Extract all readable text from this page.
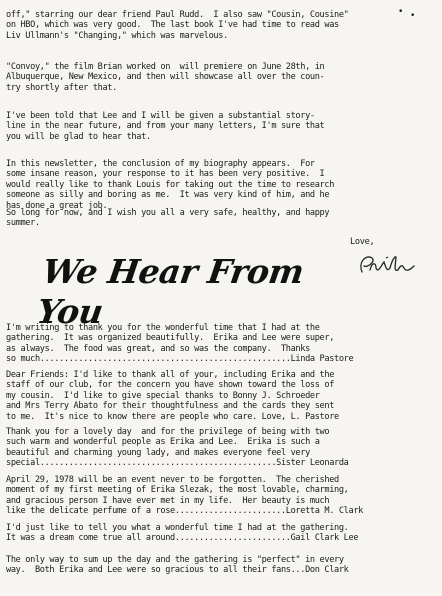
• •

off," starring our dear friend Paul Rudd.  I also saw "Cousin, Cousine"
on HBO, which was very good.  The last book I've had time to read was
Liv Ullmann's "Changing," which was marvelous.

"Convoy," the film Brian worked on  will premiere on June 28th, in
Albuquerque, New Mexico, and then will showcase all over the coun-
try shortly after that.

I've been told that Lee and I will be given a substantial story-
line in the near future, and from your many letters, I'm sure that
you will be glad to hear that.

In this newsletter, the conclusion of my biography appears.  For
some insane reason, your response to it has been very positive.  I
would really like to thank Louis for taking out the time to research
someone as silly and boring as me.  It was very kind of him, and he
has done a great job.

So long for now, and I wish you all a very safe, healthy, and happy
summer.

Love,
We Hear From You

I'm writing to thank you for the wonderful time that I had at the
gathering.  It was organized beautifully.  Erika and Lee were super,
as always.  The food was great, and so was the company.  Thanks
so much....................................................Linda Pastore

Dear Friends: I'd like to thank all of your, including Erika and the
staff of our club, for the concern you have shown toward the loss of
my cousin.  I'd like to give special thanks to Bonny J. Schroeder
and Mrs Terry Abato for their thoughtfulness and the cards they sent
to me.  It's nice to know there are people who care. Love, L. Pastore

Thank you for a lovely day  and for the privilege of being with two
such warm and wonderful people as Erika and Lee.  Erika is such a
beautiful and charming young lady, and makes everyone feel very
special.................................................Sister Leonarda

April 29, 1978 will be an event never to be forgotten.  The cherished
moment of my first meeting of Erika Slezak, the most lovable, charming,
and gracious person I have ever met in my life.  Her beauty is much
like the delicate perfume of a rose.......................Loretta M. Clark

I'd just like to tell you what a wonderful time I had at the gathering.
It was a dream come true all around........................Gail Clark Lee

The only way to sum up the day and the gathering is "perfect" in every
way.  Both Erika and Lee were so gracious to all their fans...Don Clark
